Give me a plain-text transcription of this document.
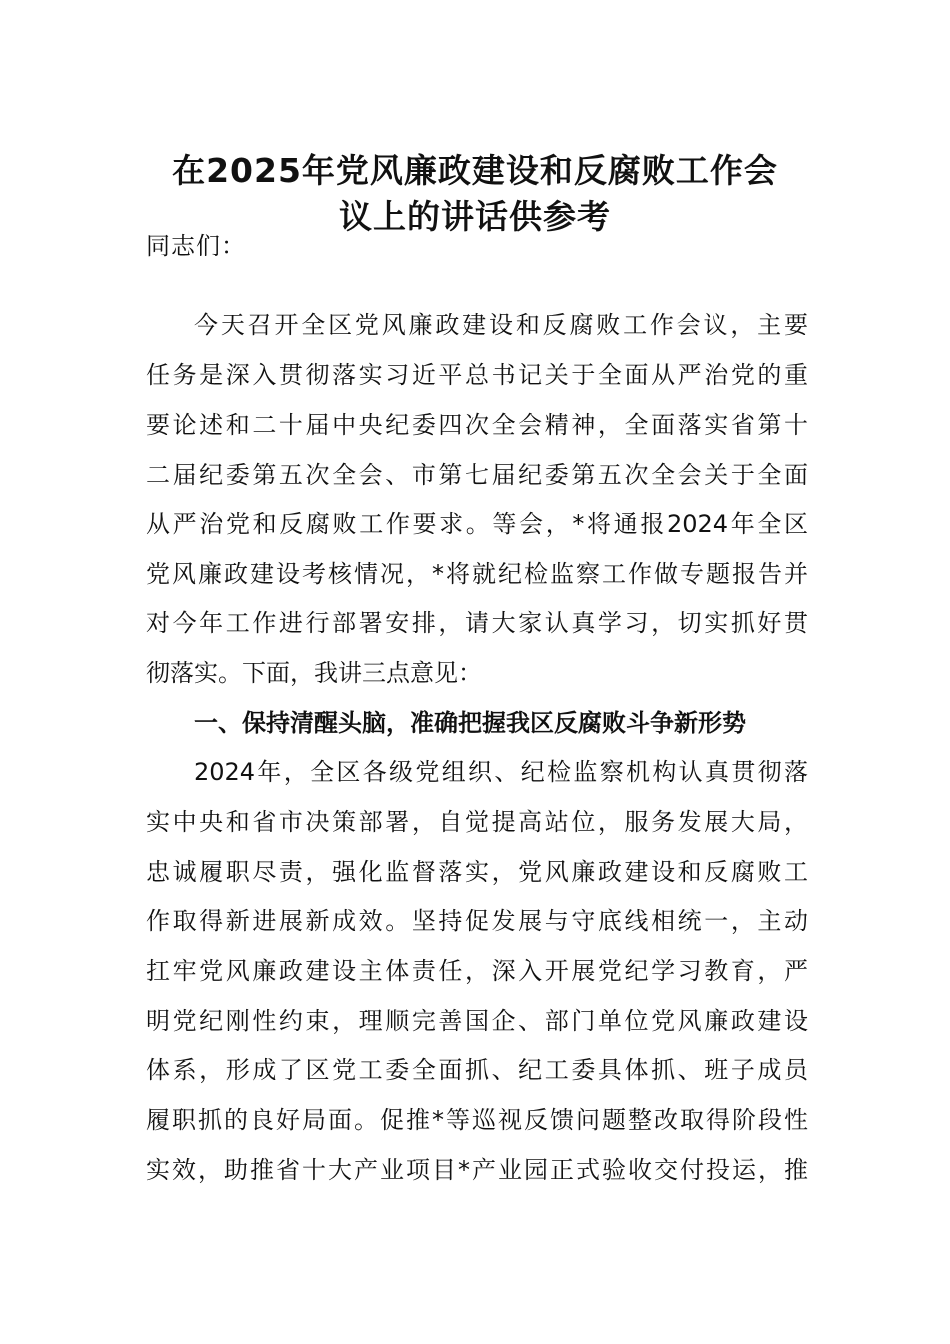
在2025年党风廉政建设和反腐败工作会
议上的讲话供参考
同志们：
今天召开全区党风廉政建设和反腐败工作会议，主要
任务是深入贯彻落实习近平总书记关于全面从严治党的重
要论述和二十届中央纪委四次全会精神，全面落实省第十
二届纪委第五次全会、市第七届纪委第五次全会关于全面
从严治党和反腐败工作要求。等会，*将通报2024年全区
党风廉政建设考核情况，*将就纪检监察工作做专题报告并
对今年工作进行部署安排，请大家认真学习，切实抓好贯
彻落实。下面，我讲三点意见：
一、保持清醒头脑，准确把握我区反腐败斗争新形势
2024年，全区各级党组织、纪检监察机构认真贯彻落
实中央和省市决策部署，自觉提高站位，服务发展大局，
忠诚履职尽责，强化监督落实，党风廉政建设和反腐败工
作取得新进展新成效。坚持促发展与守底线相统一，主动
扛牢党风廉政建设主体责任，深入开展党纪学习教育，严
明党纪刚性约束，理顺完善国企、部门单位党风廉政建设
体系，形成了区党工委全面抓、纪工委具体抓、班子成员
履职抓的良好局面。促推*等巡视反馈问题整改取得阶段性
实效，助推省十大产业项目*产业园正式验收交付投运，推
